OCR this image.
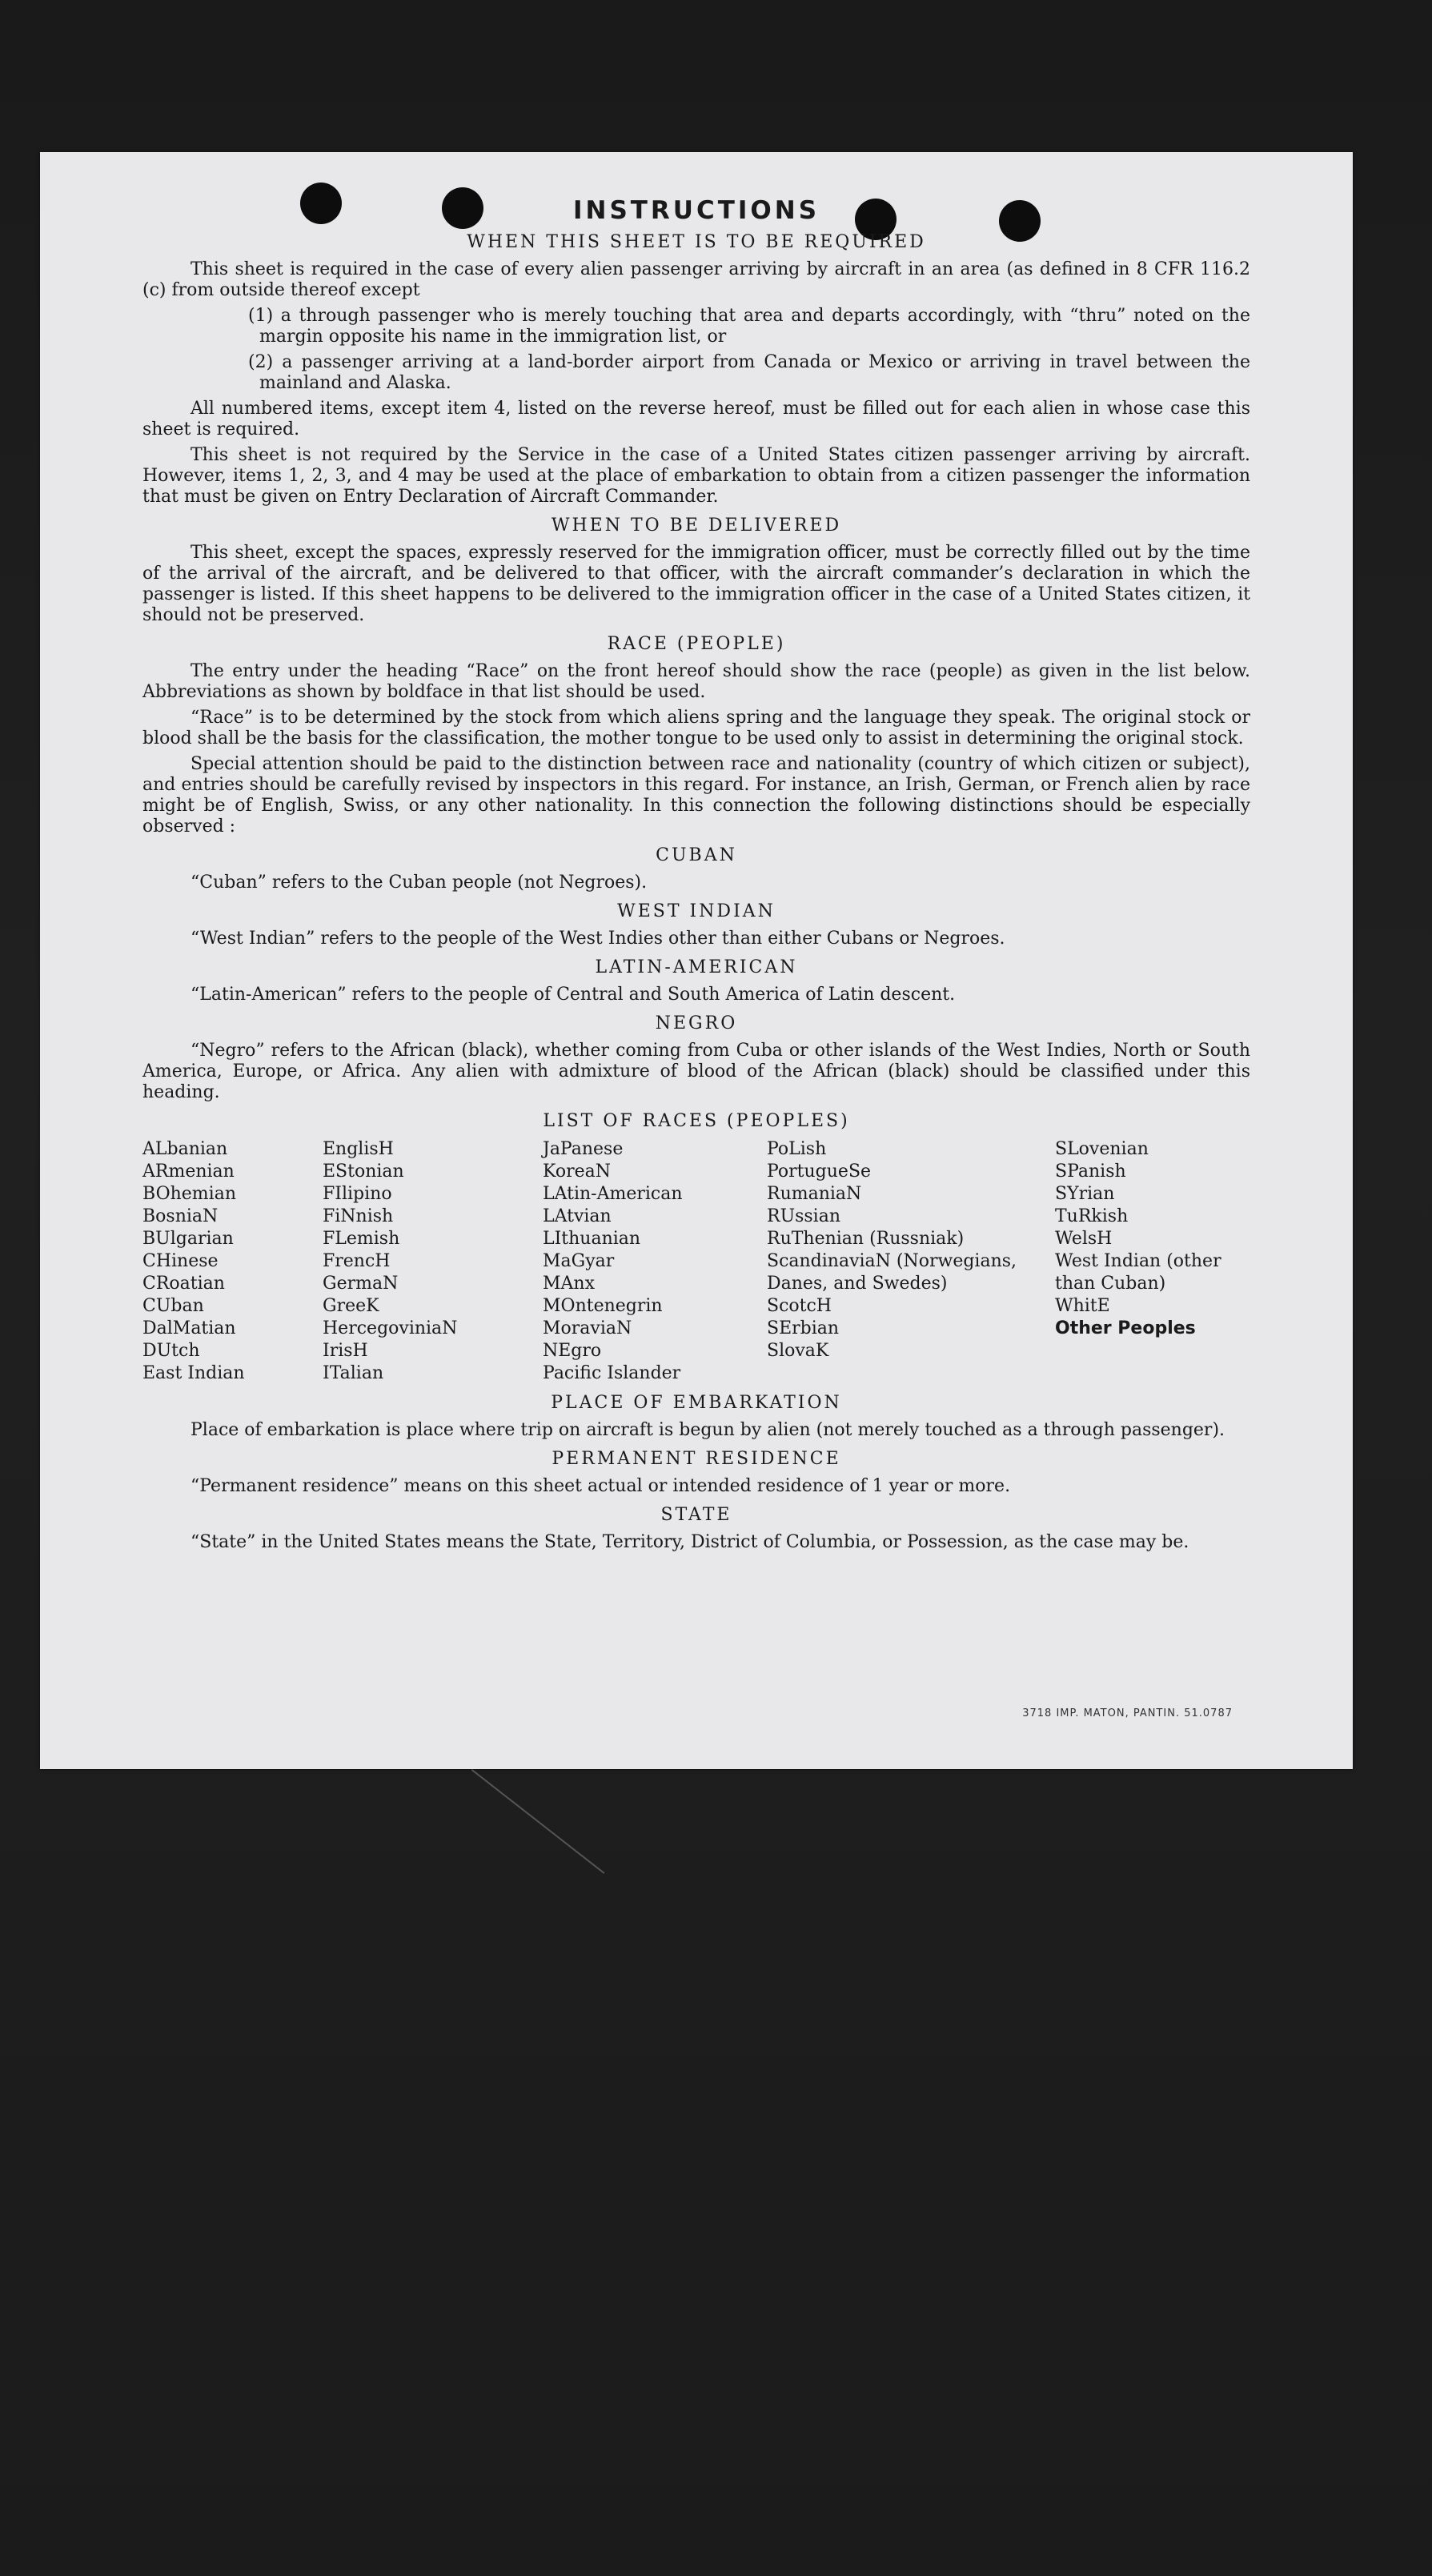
INSTRUCTIONS
WHEN THIS SHEET IS TO BE REQUIRED

This sheet is required in the case of every alien passenger arriving by aircraft in an area (as defined in 8 CFR 116.2 (c) from outside thereof except

(1) a through passenger who is merely touching that area and departs accordingly, with “thru” noted on the margin opposite his name in the immigration list, or

(2) a passenger arriving at a land-border airport from Canada or Mexico or arriving in travel between the mainland and Alaska.

All numbered items, except item 4, listed on the reverse hereof, must be filled out for each alien in whose case this sheet is required.

This sheet is not required by the Service in the case of a United States citizen passenger arriving by aircraft. However, items 1, 2, 3, and 4 may be used at the place of embarkation to obtain from a citizen passenger the information that must be given on Entry Declaration of Aircraft Commander.

WHEN TO BE DELIVERED

This sheet, except the spaces, expressly reserved for the immigration officer, must be correctly filled out by the time of the arrival of the aircraft, and be delivered to that officer, with the aircraft commander’s declaration in which the passenger is listed. If this sheet happens to be delivered to the immigration officer in the case of a United States citizen, it should not be preserved.

RACE (PEOPLE)

The entry under the heading “Race” on the front hereof should show the race (people) as given in the list below. Abbreviations as shown by boldface in that list should be used.

“Race” is to be determined by the stock from which aliens spring and the language they speak. The original stock or blood shall be the basis for the classification, the mother tongue to be used only to assist in determining the original stock.

Special attention should be paid to the distinction between race and nationality (country of which citizen or subject), and entries should be carefully revised by inspectors in this regard. For instance, an Irish, German, or French alien by race might be of English, Swiss, or any other nationality. In this connection the following distinctions should be especially observed :

CUBAN

“Cuban” refers to the Cuban people (not Negroes).

WEST INDIAN

“West Indian” refers to the people of the West Indies other than either Cubans or Negroes.

LATIN-AMERICAN

“Latin-American” refers to the people of Central and South America of Latin descent.

NEGRO

“Negro” refers to the African (black), whether coming from Cuba or other islands of the West Indies, North or South America, Europe, or Africa. Any alien with admixture of blood of the African (black) should be classified under this heading.

LIST OF RACES (PEOPLES)
ALbanian
ARmenian
BOhemian
BosniaN
BUlgarian
CHinese
CRoatian
CUban
DalMatian
DUtch
East Indian
EnglisH
EStonian
FIlipino
FiNnish
FLemish
FrencH
GermaN
GreeK
HercegoviniaN
IrisH
ITalian
JaPanese
KoreaN
LAtin-American
LAtvian
LIthuanian
MaGyar
MAnx
MOntenegrin
MoraviaN
NEgro
Pacific Islander
PoLish
PortugueSe
RumaniaN
RUssian
RuThenian (Russniak)
ScandinaviaN (Norwegians, Danes, and Swedes)
ScotcH
SErbian
SlovaK
SLovenian
SPanish
SYrian
TuRkish
WelsH
West Indian (other than Cuban)
WhitE
Other Peoples
PLACE OF EMBARKATION

Place of embarkation is place where trip on aircraft is begun by alien (not merely touched as a through passenger).

PERMANENT RESIDENCE

“Permanent residence” means on this sheet actual or intended residence of 1 year or more.

STATE

“State” in the United States means the State, Territory, District of Columbia, or Possession, as the case may be.

3718 IMP. MATON, PANTIN. 51.0787
